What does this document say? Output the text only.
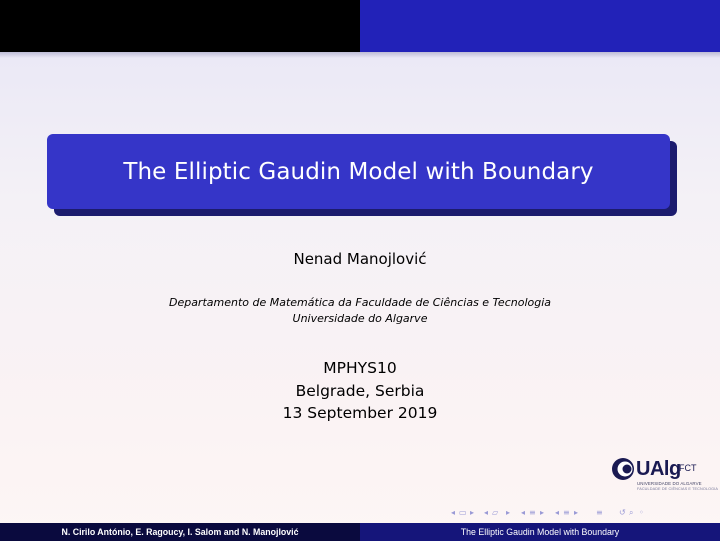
The Elliptic Gaudin Model with Boundary
Nenad Manojlović
Departamento de Matemática da Faculdade de Ciências e Tecnologia
Universidade do Algarve
MPHYS10
Belgrade, Serbia
13 September 2019
UAlg
FCT
UNIVERSIDADE DO ALGARVE
FACULDADE DE CIÊNCIAS E TECNOLOGIA
◂ ▭ ▸ ◂ ▱ ▸ ◂ ≡ ▸ ◂ ≡ ▸ ≡ ↺ ⌕ ◦
N. Cirilo António, E. Ragoucy, I. Salom and N. Manojlović	The Elliptic Gaudin Model with Boundary
